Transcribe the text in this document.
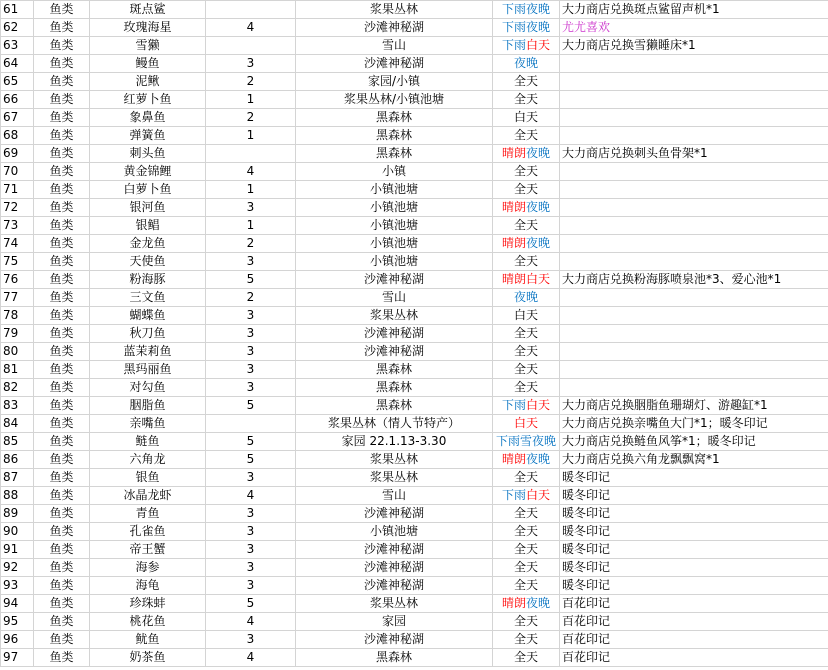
61	鱼类	斑点鲨		浆果丛林	下雨夜晚	大力商店兑换斑点鲨留声机*1
62	鱼类	玫瑰海星	4	沙滩神秘湖	下雨夜晚	尤尤喜欢
63	鱼类	雪獭		雪山	下雨白天	大力商店兑换雪獭睡床*1
64	鱼类	鳗鱼	3	沙滩神秘湖	夜晚	
65	鱼类	泥鳅	2	家园/小镇	全天	
66	鱼类	红萝卜鱼	1	浆果丛林/小镇池塘	全天	
67	鱼类	象鼻鱼	2	黑森林	白天	
68	鱼类	弹簧鱼	1	黑森林	全天	
69	鱼类	刺头鱼		黑森林	晴朗夜晚	大力商店兑换刺头鱼骨架*1
70	鱼类	黄金锦鲤	4	小镇	全天	
71	鱼类	白萝卜鱼	1	小镇池塘	全天	
72	鱼类	银河鱼	3	小镇池塘	晴朗夜晚	
73	鱼类	银鲳	1	小镇池塘	全天	
74	鱼类	金龙鱼	2	小镇池塘	晴朗夜晚	
75	鱼类	天使鱼	3	小镇池塘	全天	
76	鱼类	粉海豚	5	沙滩神秘湖	晴朗白天	大力商店兑换粉海豚喷泉池*3、爱心池*1
77	鱼类	三文鱼	2	雪山	夜晚	
78	鱼类	蝴蝶鱼	3	浆果丛林	白天	
79	鱼类	秋刀鱼	3	沙滩神秘湖	全天	
80	鱼类	蓝茉莉鱼	3	沙滩神秘湖	全天	
81	鱼类	黑玛丽鱼	3	黑森林	全天	
82	鱼类	对勾鱼	3	黑森林	全天	
83	鱼类	胭脂鱼	5	黑森林	下雨白天	大力商店兑换胭脂鱼珊瑚灯、游趣缸*1
84	鱼类	亲嘴鱼		浆果丛林（情人节特产）	白天	大力商店兑换亲嘴鱼大门*1；暖冬印记
85	鱼类	鲢鱼	5	家园 22.1.13-3.30	下雨雪夜晚	大力商店兑换鲢鱼风筝*1；暖冬印记
86	鱼类	六角龙	5	浆果丛林	晴朗夜晚	大力商店兑换六角龙飘飘窝*1
87	鱼类	银鱼	3	浆果丛林	全天	暖冬印记
88	鱼类	冰晶龙虾	4	雪山	下雨白天	暖冬印记
89	鱼类	青鱼	3	沙滩神秘湖	全天	暖冬印记
90	鱼类	孔雀鱼	3	小镇池塘	全天	暖冬印记
91	鱼类	帝王蟹	3	沙滩神秘湖	全天	暖冬印记
92	鱼类	海参	3	沙滩神秘湖	全天	暖冬印记
93	鱼类	海龟	3	沙滩神秘湖	全天	暖冬印记
94	鱼类	珍珠蚌	5	浆果丛林	晴朗夜晚	百花印记
95	鱼类	桃花鱼	4	家园	全天	百花印记
96	鱼类	鱿鱼	3	沙滩神秘湖	全天	百花印记
97	鱼类	奶茶鱼	4	黑森林	全天	百花印记
